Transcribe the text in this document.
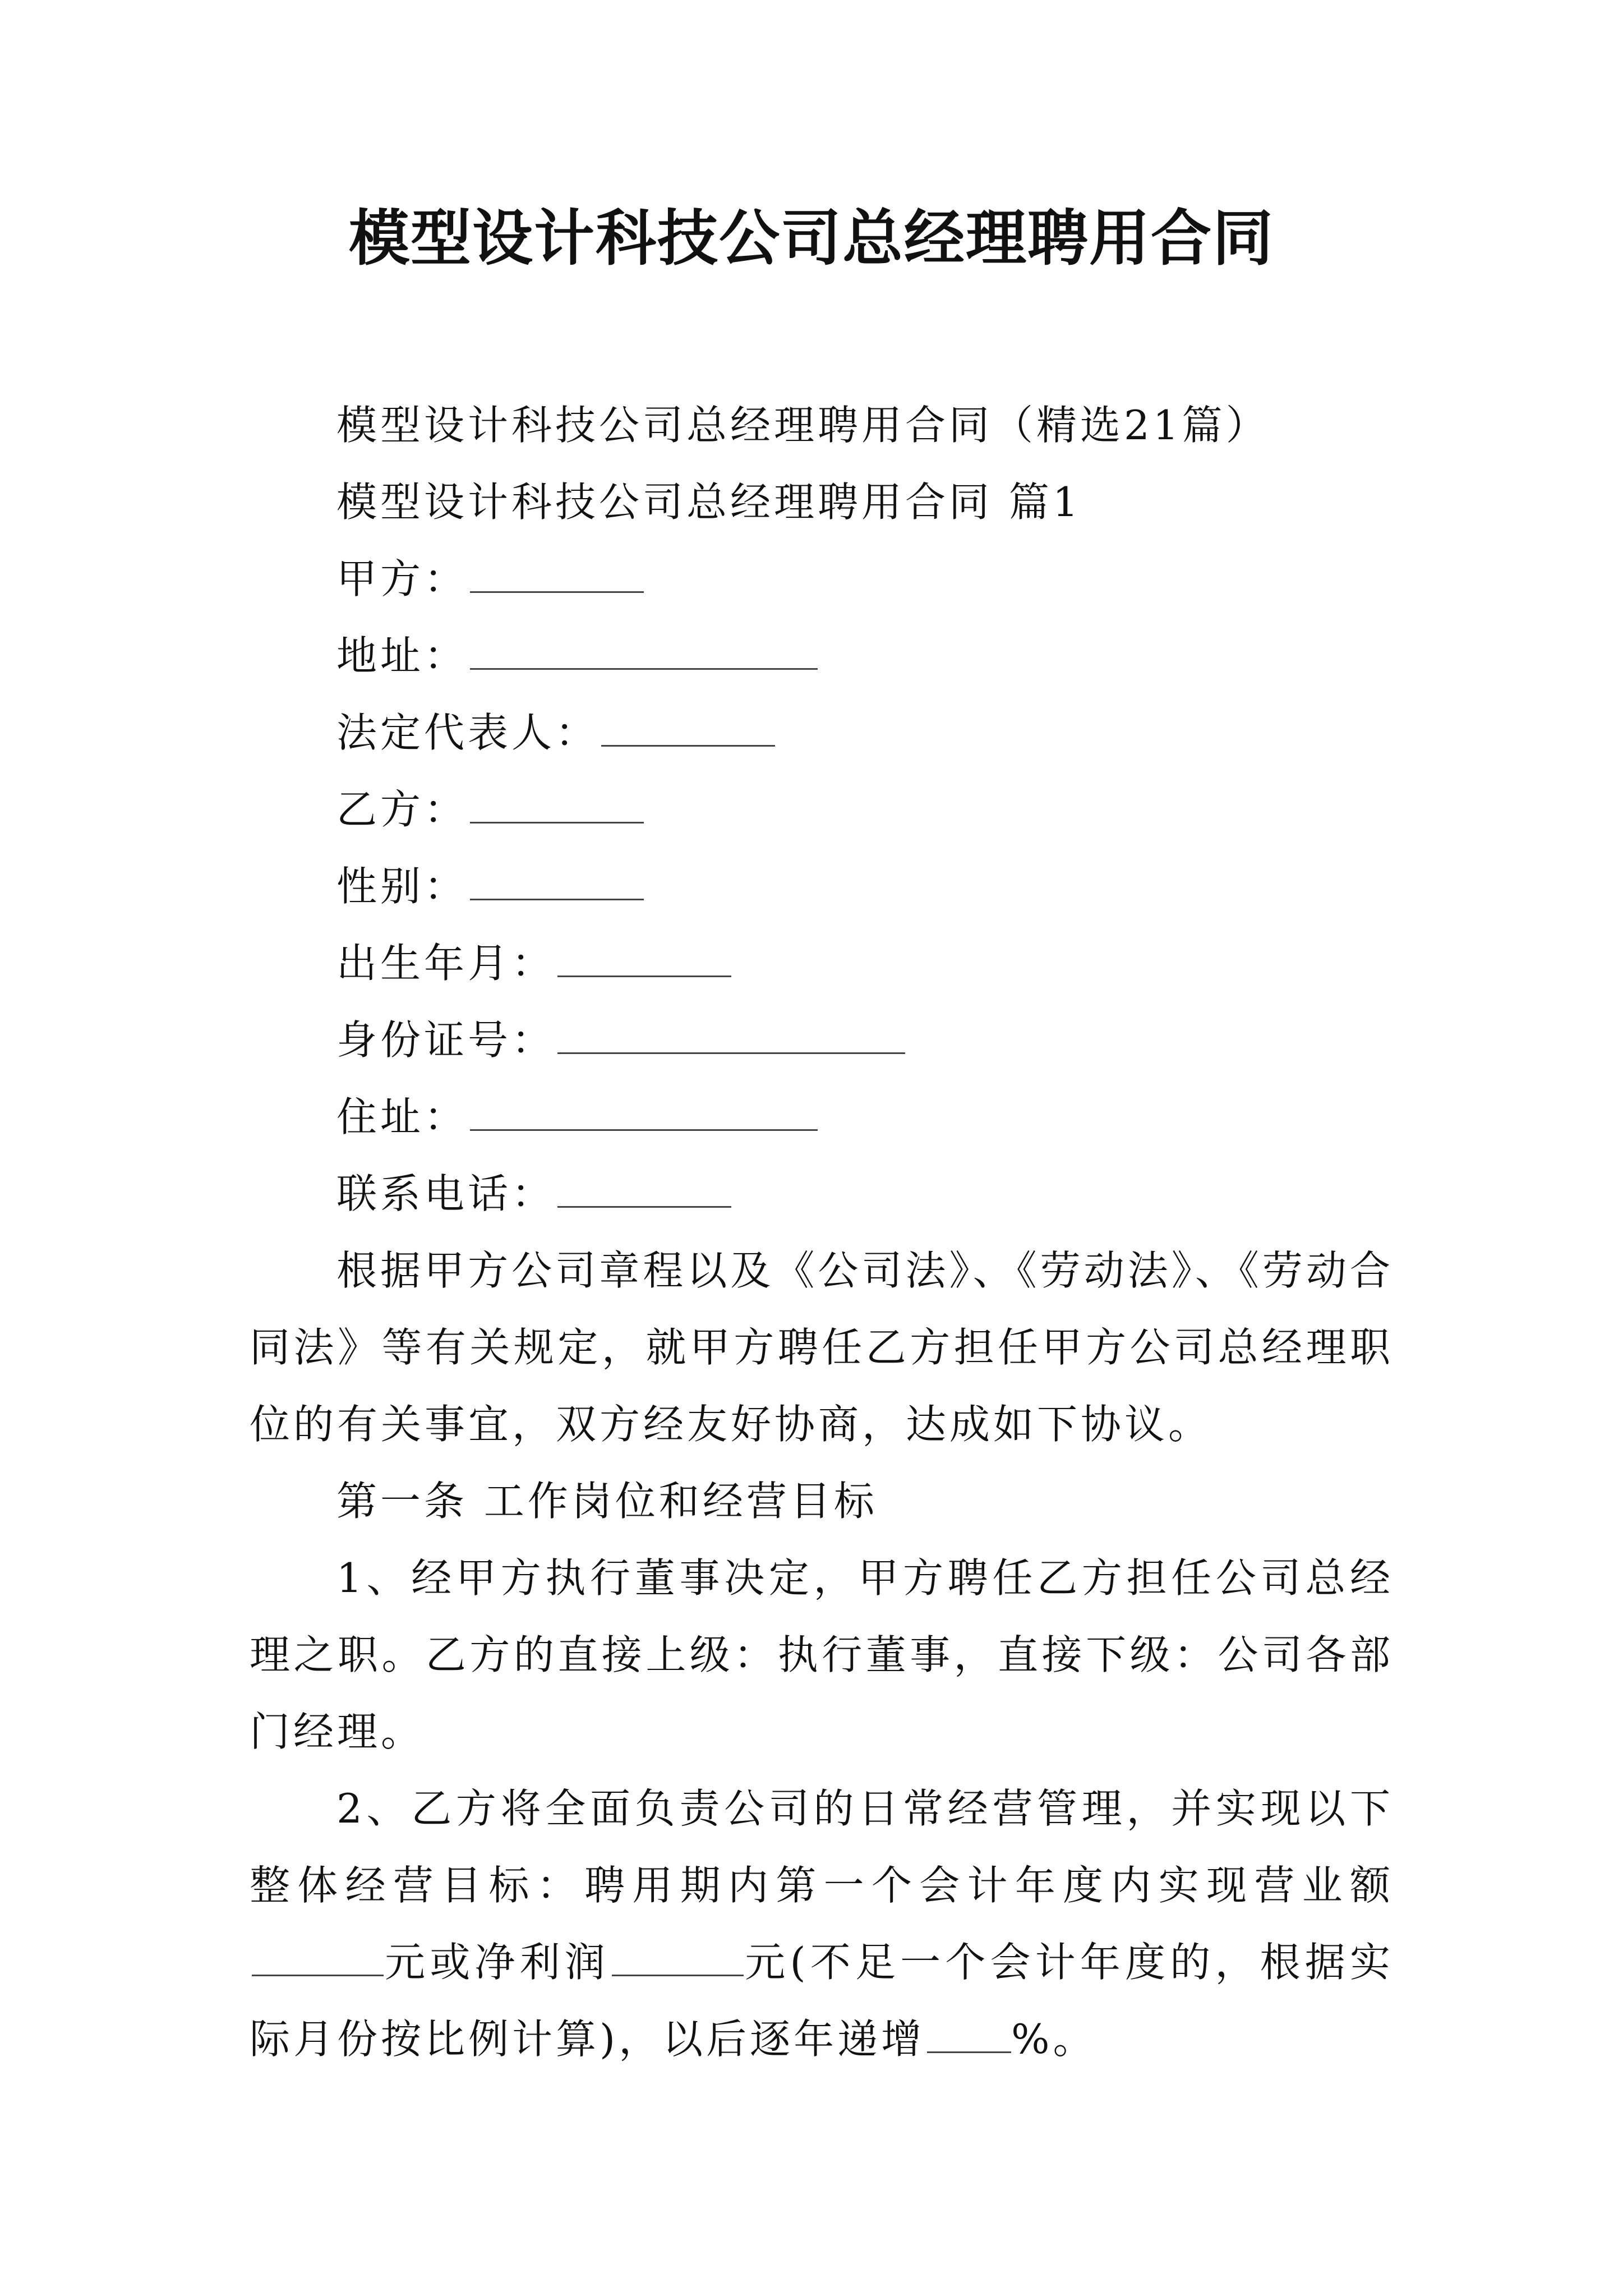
模型设计科技公司总经理聘用合同
模型设计科技公司总经理聘用合同（精选21篇）
模型设计科技公司总经理聘用合同 篇1
甲方：
地址：
法定代表人：
乙方：
性别：
出生年月：
身份证号：
住址：
联系电话：
根据甲方公司章程以及《公司法》、《劳动法》、《劳动合同法》等有关规定，就甲方聘任乙方担任甲方公司总经理职位的有关事宜，双方经友好协商，达成如下协议。
第一条 工作岗位和经营目标
1、经甲方执行董事决定，甲方聘任乙方担任公司总经理之职。乙方的直接上级：执行董事，直接下级：公司各部门经理。
2、乙方将全面负责公司的日常经营管理，并实现以下整体经营目标：聘用期内第一个会计年度内实现营业额元或净利润	元(不足一个会计年度的，根据实际月份按比例计算)，以后逐年递增 %。
